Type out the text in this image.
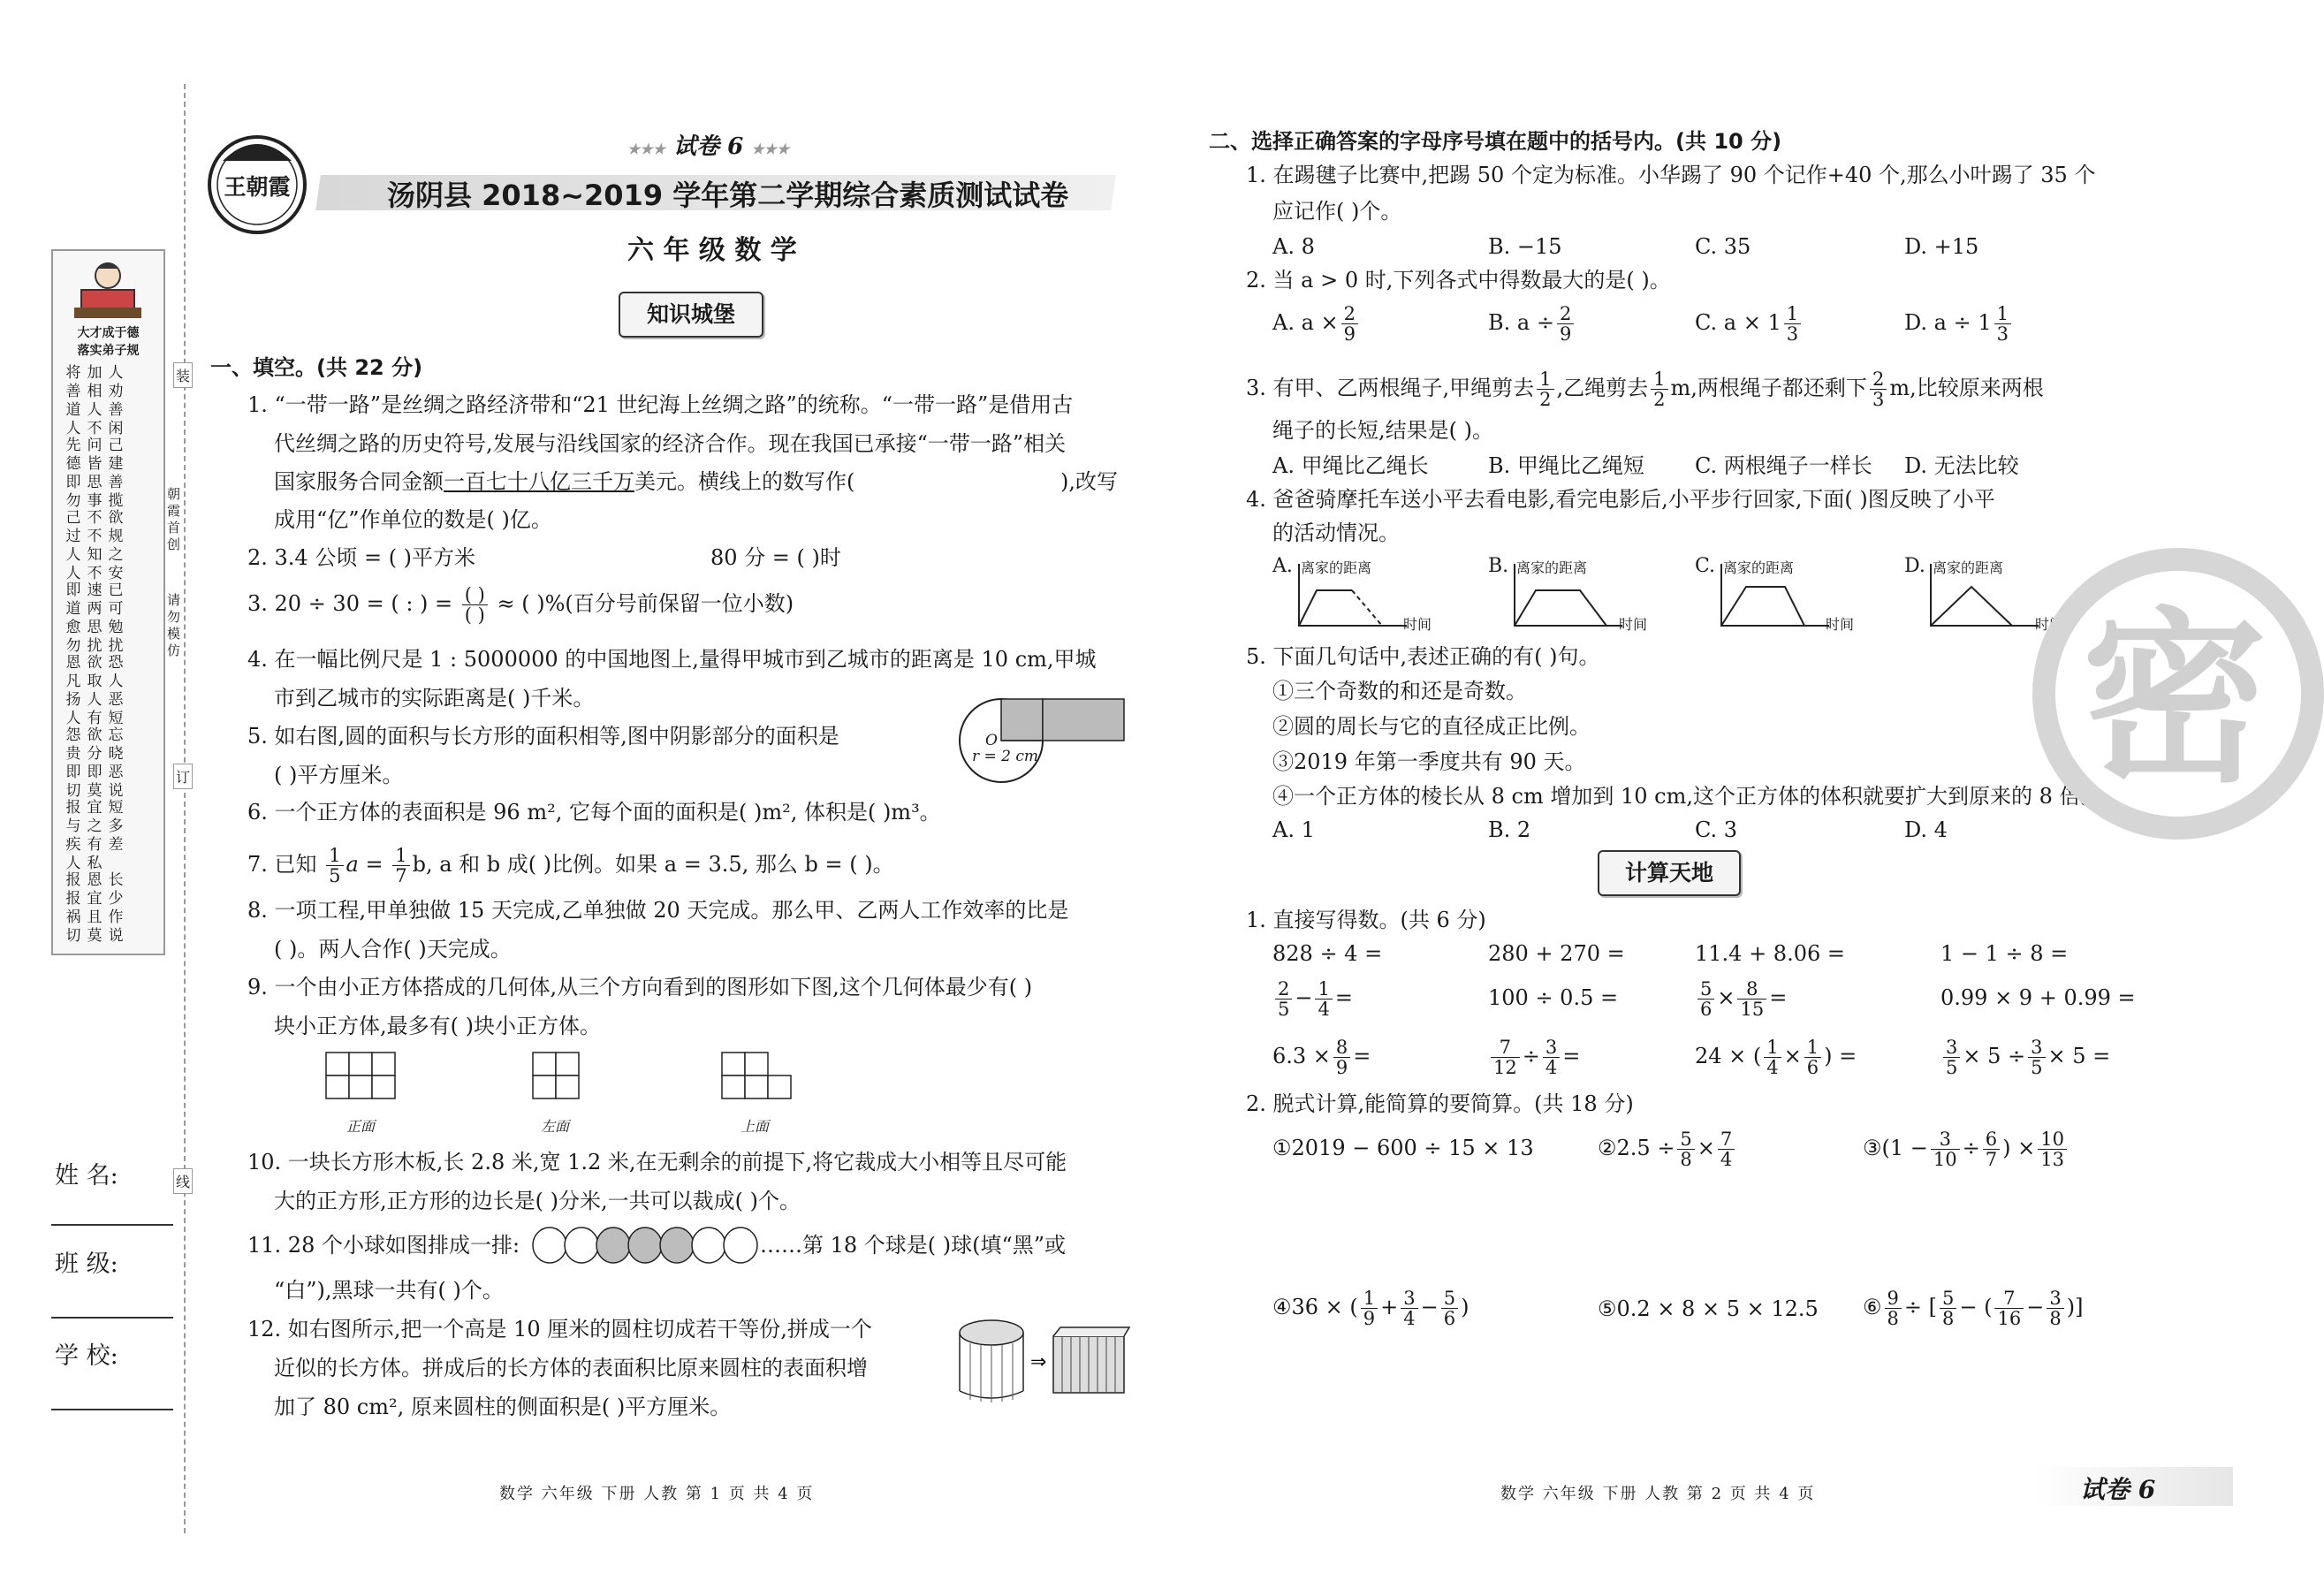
大才成于德
落实弟子规
将善道人
加相人不
人劝善闲
先德即勿
问皆思事
己建善揽
己过人人
不不知不
欲规之安
即道愈勿
速两思扰
已可勉扰
恩凡扬人
欲取人有
恐人恶短
怨贵即切
欲分即莫
忘晓恶说
报与疾人
宜之有私
短多差
报报祸切
恩宜且莫
长少作说
装
订
线
朝霞首创
请勿模仿
姓 名:
班 级:
学 校:
王朝霞
★★★ 试卷 6 ★★★
汤阴县 2018~2019 学年第二学期综合素质测试试卷
六 年 级 数 学
知识城堡
一、填空。(共 22 分)
1. “一带一路”是丝绸之路经济带和“21 世纪海上丝绸之路”的统称。“一带一路”是借用古
代丝绸之路的历史符号,发展与沿线国家的经济合作。现在我国已承接“一带一路”相关
国家服务合同金额一百七十八亿三千万美元。横线上的数写作(	),改写
成用“亿”作单位的数是( )亿。
2. 3.4 公顷 = ( )平方米	80 分 = ( )时
3. 20 ÷ 30 = ( : ) = $\frac{( )}{( )}$ ≈ ( )%(百分号前保留一位小数)
4. 在一幅比例尺是 1 : 5000000 的中国地图上,量得甲城市到乙城市的距离是 10 cm,甲城
市到乙城市的实际距离是( )千米。
5. 如右图,圆的面积与长方形的面积相等,图中阴影部分的面积是
( )平方厘米。
O
r = 2 cm
6. 一个正方体的表面积是 96 m², 它每个面的面积是( )m², 体积是( )m³。
7. 已知 $\frac{1}{5}$ $a = \frac{1}{7} b$, a 和 b 成( )比例。如果 a = 3.5, 那么 b = ( )。
8. 一项工程,甲单独做 15 天完成,乙单独做 20 天完成。那么甲、乙两人工作效率的比是
( )。两人合作( )天完成。
9. 一个由小正方体搭成的几何体,从三个方向看到的图形如下图,这个几何体最少有( )
块小正方体,最多有( )块小正方体。
正面	左面	上面
10. 一块长方形木板,长 2.8 米,宽 1.2 米,在无剩余的前提下,将它裁成大小相等且尽可能
大的正方形,正方形的边长是( )分米,一共可以裁成( )个。
11. 28 个小球如图排成一排:	……第 18 个球是( )球(填“黑”或
“白”),黑球一共有( )个。
12. 如右图所示,把一个高是 10 厘米的圆柱切成若干等份,拼成一个
近似的长方体。拼成后的长方体的表面积比原来圆柱的表面积增
加了 80 cm², 原来圆柱的侧面积是( )平方厘米。
⇒
数学 六年级 下册 人教 第 1 页 共 4 页
二、选择正确答案的字母序号填在题中的括号内。(共 10 分)
1. 在踢毽子比赛中,把踢 50 个定为标准。小华踢了 90 个记作+40 个,那么小叶踢了 35 个
应记作( )个。
A. 8	B. −15	C. 35	D. +15
2. 当 a > 0 时,下列各式中得数最大的是( )。
A. $a \times \frac{2}{9}$	B. $a \div \frac{2}{9}$	C. $a \times 1 \frac{1}{3}$	D. $a \div 1 \frac{1}{3}$
3. 有甲、乙两根绳子,甲绳剪去 $\frac{1}{2}$ ,乙绳剪去 $\frac{1}{2} m$,两根绳子都还剩下 $\frac{2}{3} m$,比较原来两根
绳子的长短,结果是( )。
A. 甲绳比乙绳长	B. 甲绳比乙绳短 C. 两根绳子一样长 D. 无法比较
4. 爸爸骑摩托车送小平去看电影,看完电影后,小平步行回家,下面( )图反映了小平
的活动情况。
A. 离家的距离
时间
B. 离家的距离
时间
C. 离家的距离
时间
D. 离家的距离
时间
5. 下面几句话中,表述正确的有( )句。
①三个奇数的和还是奇数。
②圆的周长与它的直径成正比例。
③2019 年第一季度共有 90 天。
④一个正方体的棱长从 8 cm 增加到 10 cm,这个正方体的体积就要扩大到原来的 8 倍。
A. 1	B. 2	C. 3	D. 4
密
计算天地
1. 直接写得数。(共 6 分)
828 ÷ 4 =	280 + 270 =	11.4 + 8.06 =	1 − 1 ÷ 8 =
$\frac{2}{5} - \frac{1}{4}$ =	100 ÷ 0.5 =	$\frac{5}{6} \times \frac{8}{15}$ =	0.99 × 9 + 0.99 =
$6.3 \times \frac{8}{9}$ =	$\frac{7}{12} \div \frac{3}{4}$ =	24 × ( $\frac{1}{4} \times \frac{1}{6}$ ) =	$\frac{3}{5} \times 5 \div \frac{3}{5} \times 5$ =
2. 脱式计算,能简算的要简算。(共 18 分)
①2019 − 600 ÷ 15 × 13	②2.5 ÷ $\frac{5}{8} \times \frac{7}{4}$	③(1 − $\frac{3}{10} \div \frac{6}{7}$ ) × $\frac{10}{13}$
④36 × ( $\frac{1}{9} + \frac{3}{4} - \frac{5}{6}$ )	⑤0.2 × 8 × 5 × 12.5 ⑥ $\frac{9}{8}$ ÷ [ $\frac{5}{8}$ − ( $\frac{7}{16} - \frac{3}{8}$ )]
数学 六年级 下册 人教 第 2 页 共 4 页	试卷 6
